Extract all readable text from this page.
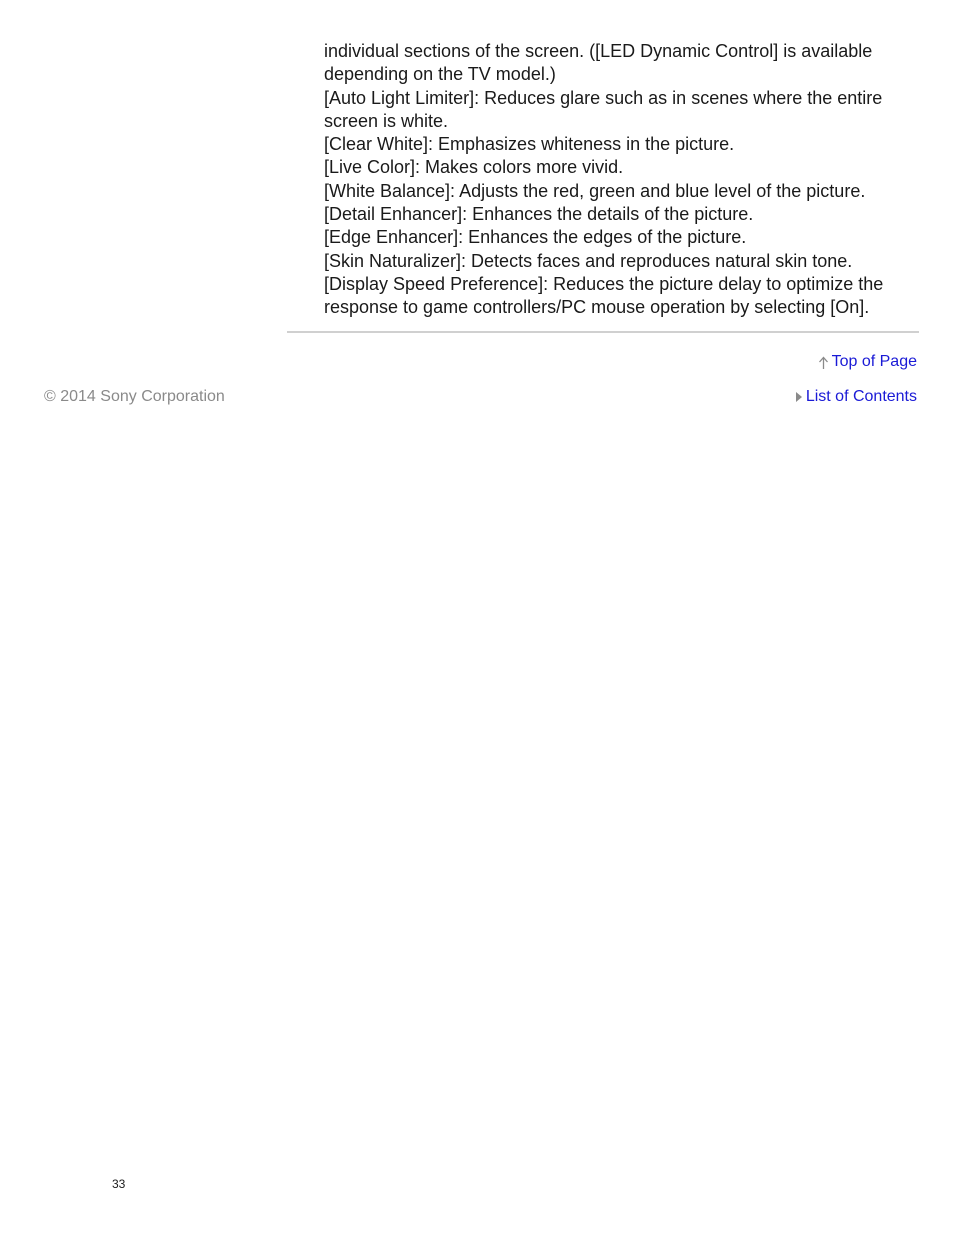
individual sections of the screen. ([LED Dynamic Control] is available
depending on the TV model.)
[Auto Light Limiter]: Reduces glare such as in scenes where the entire
screen is white.
[Clear White]: Emphasizes whiteness in the picture.
[Live Color]: Makes colors more vivid.
[White Balance]: Adjusts the red, green and blue level of the picture.
[Detail Enhancer]: Enhances the details of the picture.
[Edge Enhancer]: Enhances the edges of the picture.
[Skin Naturalizer]: Detects faces and reproduces natural skin tone.
[Display Speed Preference]: Reduces the picture delay to optimize the
response to game controllers/PC mouse operation by selecting [On].
Top of Page
© 2014 Sony Corporation	List of Contents
33
